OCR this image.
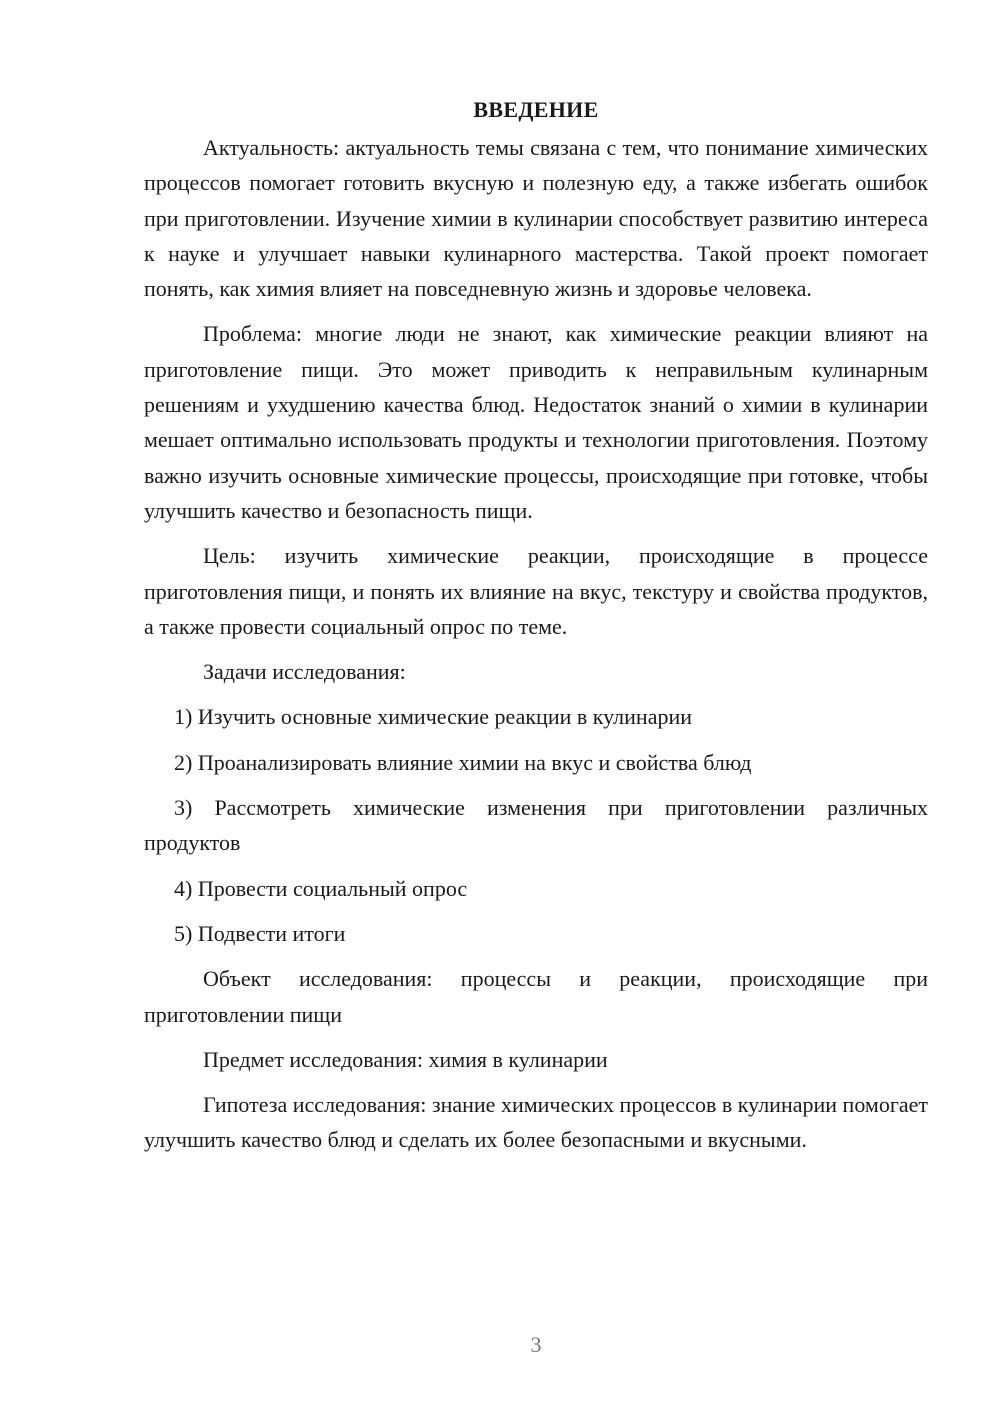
ВВЕДЕНИЕ

Актуальность: актуальность темы связана с тем, что понимание химических процессов помогает готовить вкусную и полезную еду, а также избегать ошибок при приготовлении. Изучение химии в кулинарии способствует развитию интереса к науке и улучшает навыки кулинарного мастерства. Такой проект помогает понять, как химия влияет на повседневную жизнь и здоровье человека.

Проблема: многие люди не знают, как химические реакции влияют на приготовление пищи. Это может приводить к неправильным кулинарным решениям и ухудшению качества блюд. Недостаток знаний о химии в кулинарии мешает оптимально использовать продукты и технологии приготовления. Поэтому важно изучить основные химические процессы, происходящие при готовке, чтобы улучшить качество и безопасность пищи.

Цель: изучить химические реакции, происходящие в процессе приготовления пищи, и понять их влияние на вкус, текстуру и свойства продуктов, а также провести социальный опрос по теме.

Задачи исследования:

1) Изучить основные химические реакции в кулинарии

2) Проанализировать влияние химии на вкус и свойства блюд

3) Рассмотреть химические изменения при приготовлении различных продуктов

4) Провести социальный опрос

5) Подвести итоги

Объект исследования: процессы и реакции, происходящие при приготовлении пищи

Предмет исследования: химия в кулинарии

Гипотеза исследования: знание химических процессов в кулинарии помогает улучшить качество блюд и сделать их более безопасными и вкусными.

3
